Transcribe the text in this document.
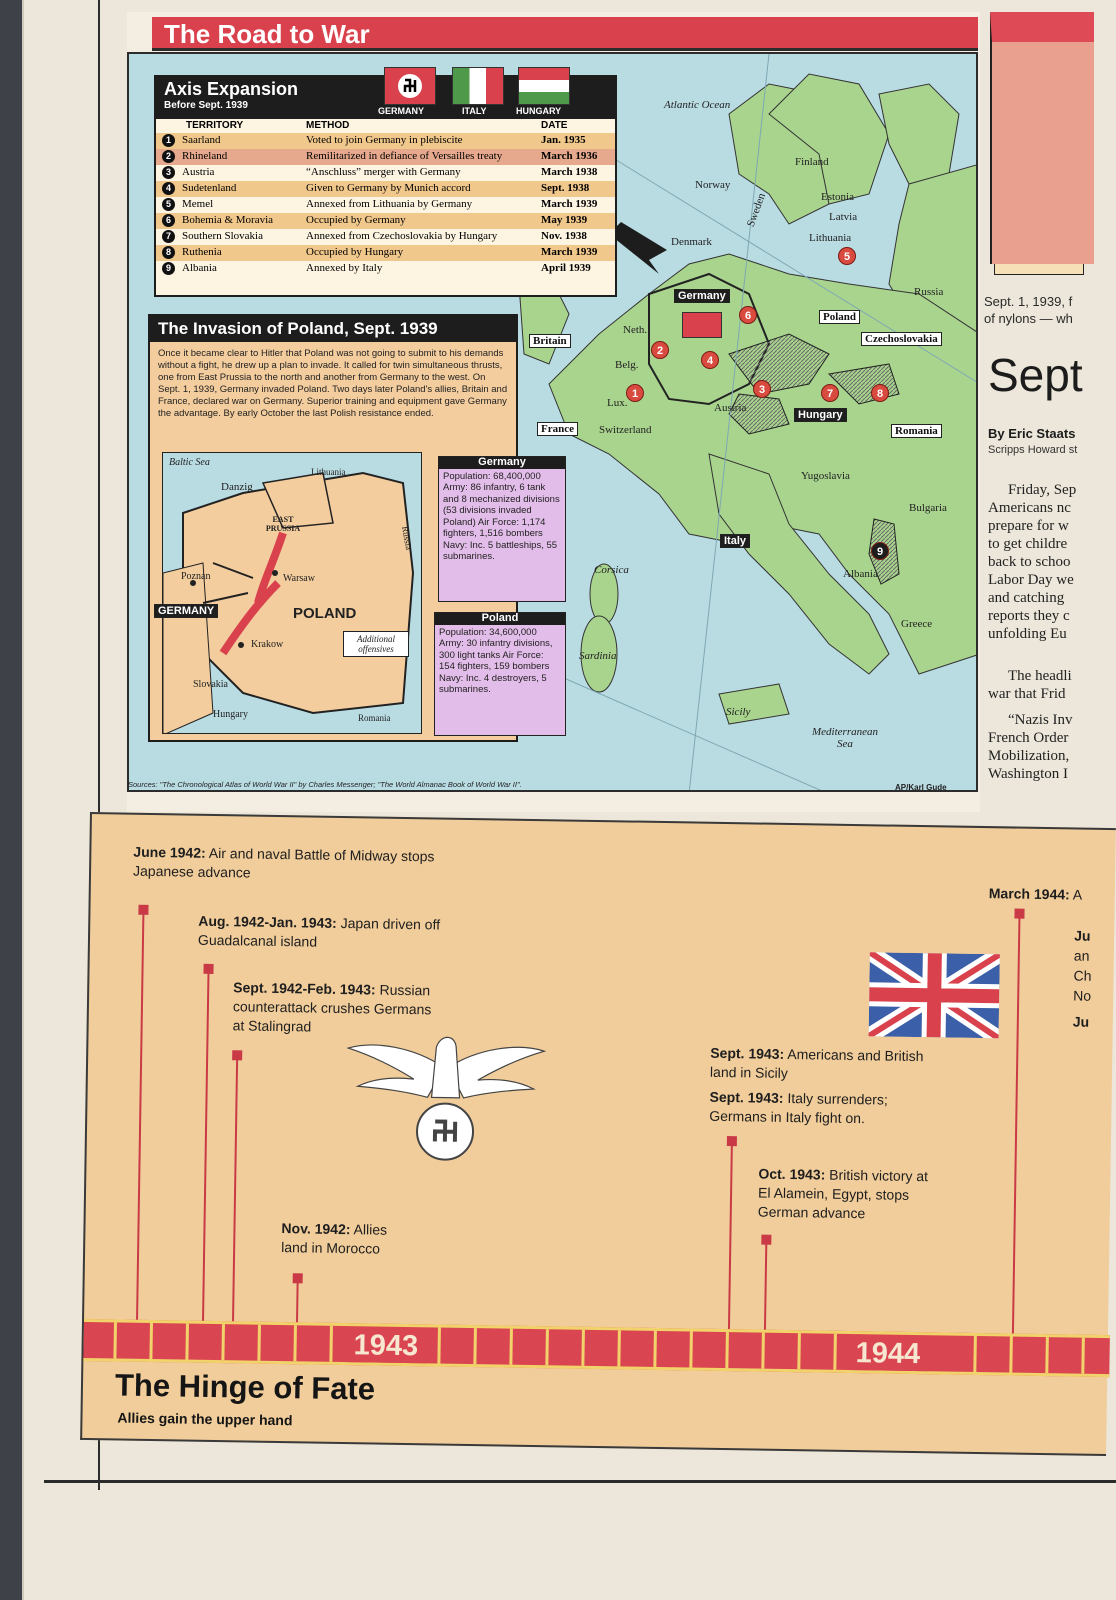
The Road to War
Atlantic Ocean
Norway
Sweden
Finland
Estonia
Latvia
Lithuania
Denmark
Russia
Germany
Poland
Britain
Neth.
Belg.
Lux.
France	Switzerland
Austria
Czechoslovakia
Hungary
Romania
Yugoslavia
Bulgaria
Italy
Corsica
Sardinia
Albania
Greece
Sicily
Mediterranean Sea
1
2
3
4
5
6
7	8
9
Axis Expansion
Before Sept. 1939	GERMANY	ITALY	HUNGARY
TERRITORY	METHOD	DATE
1	Saarland	Voted to join Germany in plebiscite	Jan. 1935
2	Rhineland	Remilitarized in defiance of Versailles treaty	March 1936
3	Austria	“Anschluss” merger with Germany	March 1938
4	Sudetenland	Given to Germany by Munich accord	Sept. 1938
5	Memel	Annexed from Lithuania by Germany	March 1939
6	Bohemia & Moravia	Occupied by Germany	May 1939
7	Southern Slovakia	Annexed from Czechoslovakia by Hungary	Nov. 1938
8	Ruthenia	Occupied by Hungary	March 1939
9	Albania	Annexed by Italy	April 1939
The Invasion of Poland, Sept. 1939
Once it became clear to Hitler that Poland was not going to submit to his demands without a fight, he drew up a plan to invade. It called for twin simultaneous thrusts, one from East Prussia to the north and another from Germany to the west. On Sept. 1, 1939, Germany invaded Poland. Two days later Poland's allies, Britain and France, declared war on Germany. Superior training and equipment gave Germany the advantage. By early October the last Polish resistance ended.
Baltic Sea
Danzig
Lithuania
EAST PRUSSIA	Russia
Poznan	Warsaw
POLAND
Krakow
Slovakia
Hungary	Romania
Additional offensives
GERMANY
Germany
Population: 68,400,000 Army: 86 infantry, 6 tank and 8 mechanized divisions (53 divisions invaded Poland) Air Force: 1,174 fighters, 1,516 bombers Navy: Inc. 5 battleships, 55 submarines.
Poland
Population: 34,600,000 Army: 30 infantry divisions, 300 light tanks Air Force: 154 fighters, 159 bombers Navy: Inc. 4 destroyers, 5 submarines.
Sources: "The Chronological Atlas of World War II" by Charles Messenger; "The World Almanac Book of World War II".	AP/Karl Gude
Sept. 1, 1939, f
of nylons — wh
Sept
By Eric Staats
Scripps Howard st
Friday, Sep
Americans nc
prepare for w
to get childre
back to schoo
Labor Day we
and catching
reports they c
unfolding Eu
The headli
war that Frid
“Nazis Inv
French Order
Mobilization,
Washington I
June 1942: Air and naval Battle of Midway stops
Japanese advance
Aug. 1942-Jan. 1943: Japan driven off
Guadalcanal island
Sept. 1942-Feb. 1943: Russian
counterattack crushes Germans
at Stalingrad
Nov. 1942: Allies
land in Morocco
Sept. 1943: Americans and British
land in Sicily
Sept. 1943: Italy surrenders;
Germans in Italy fight on.
Oct. 1943: British victory at
El Alamein, Egypt, stops
German advance
March 1944: A
Ju
an
Ch
No
Ju
1943	1944
The Hinge of Fate
Allies gain the upper hand
